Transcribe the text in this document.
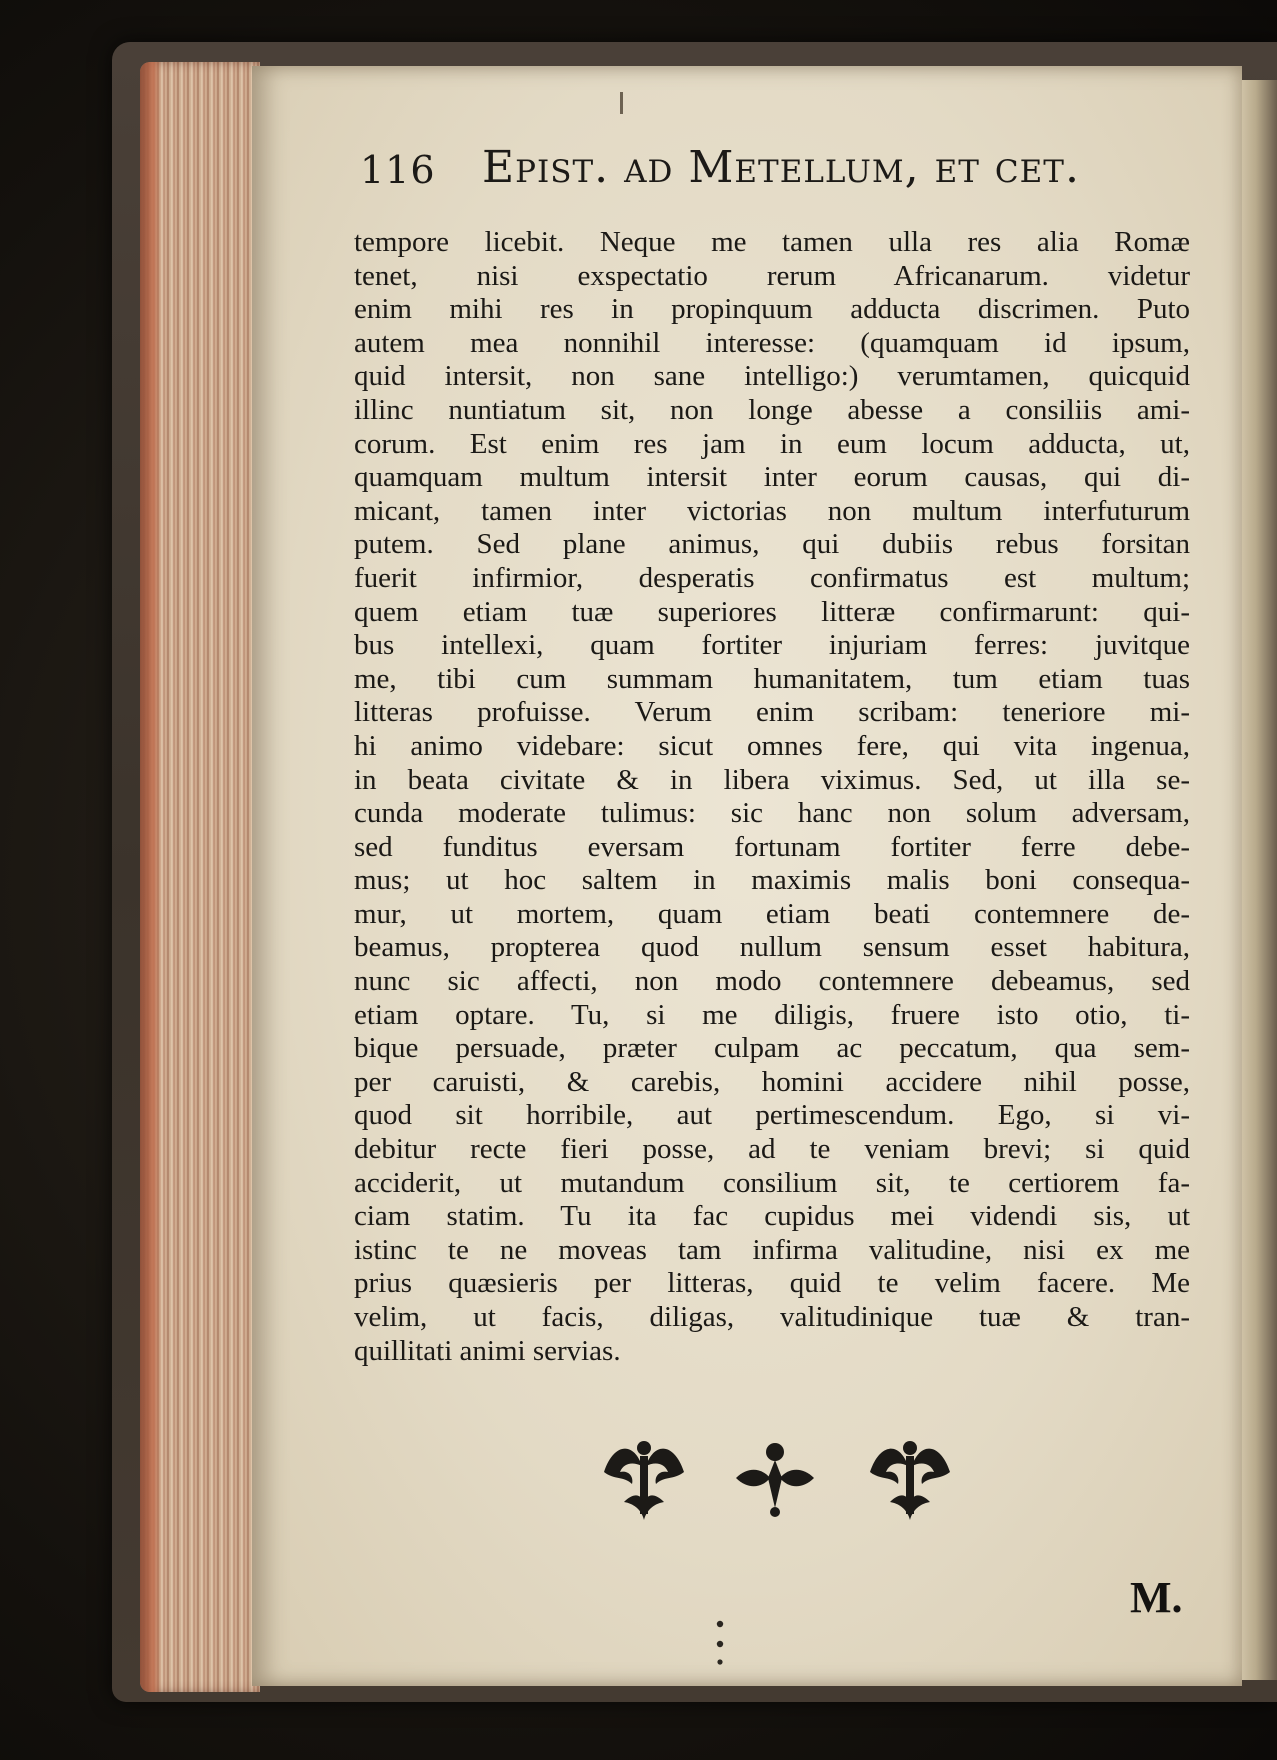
116 Epist. ad Metellum, et cet.
tempore licebit. Neque me tamen ulla res alia Romæ
tenet, nisi exspectatio rerum Africanarum. videtur
enim mihi res in propinquum adducta discrimen. Puto
autem mea nonnihil interesse: (quamquam id ipsum,
quid intersit, non sane intelligo:) verumtamen, quicquid
illinc nuntiatum sit, non longe abesse a consiliis ami-
corum. Est enim res jam in eum locum adducta, ut,
quamquam multum intersit inter eorum causas, qui di-
micant, tamen inter victorias non multum interfuturum
putem. Sed plane animus, qui dubiis rebus forsitan
fuerit infirmior, desperatis confirmatus est multum;
quem etiam tuæ superiores litteræ confirmarunt: qui-
bus intellexi, quam fortiter injuriam ferres: juvitque
me, tibi cum summam humanitatem, tum etiam tuas
litteras profuisse. Verum enim scribam: teneriore mi-
hi animo videbare: sicut omnes fere, qui vita ingenua,
in beata civitate & in libera viximus. Sed, ut illa se-
cunda moderate tulimus: sic hanc non solum adversam,
sed funditus eversam fortunam fortiter ferre debe-
mus; ut hoc saltem in maximis malis boni consequa-
mur, ut mortem, quam etiam beati contemnere de-
beamus, propterea quod nullum sensum esset habitura,
nunc sic affecti, non modo contemnere debeamus, sed
etiam optare. Tu, si me diligis, fruere isto otio, ti-
bique persuade, præter culpam ac peccatum, qua sem-
per caruisti, & carebis, homini accidere nihil posse,
quod sit horribile, aut pertimescendum. Ego, si vi-
debitur recte fieri posse, ad te veniam brevi; si quid
acciderit, ut mutandum consilium sit, te certiorem fa-
ciam statim. Tu ita fac cupidus mei videndi sis, ut
istinc te ne moveas tam infirma valitudine, nisi ex me
prius quæsieris per litteras, quid te velim facere. Me
velim, ut facis, diligas, valitudinique tuæ & tran-
quillitati animi servias.
M.
